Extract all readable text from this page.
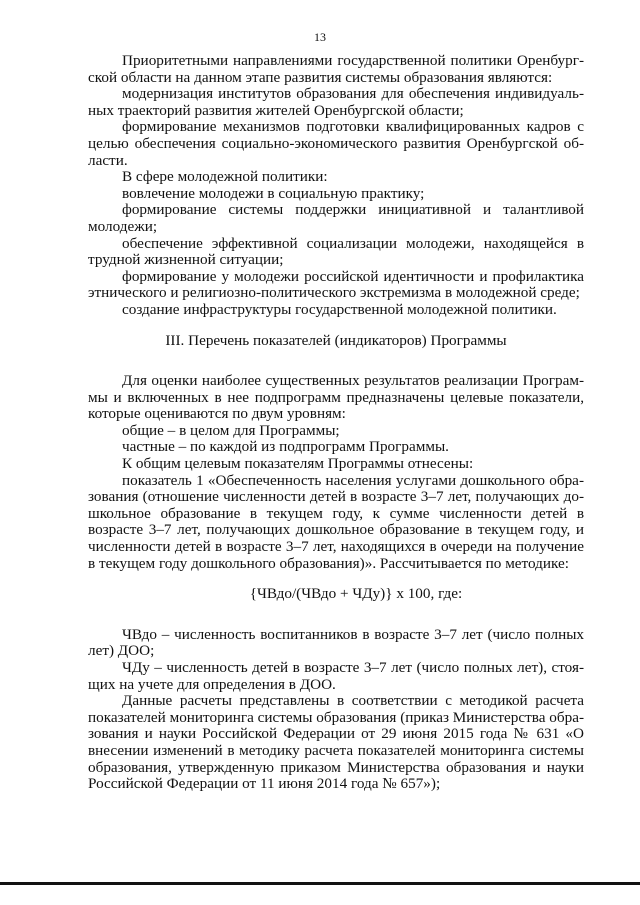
13

Приоритетными направлениями государственной политики Оренбургской области на данном этапе развития системы образования являются:

модернизация институтов образования для обеспечения индивидуальных траекторий развития жителей Оренбургской области;

формирование механизмов подготовки квалифицированных кадров с целью обеспечения социально-экономического развития Оренбургской области.

В сфере молодежной политики:

вовлечение молодежи в социальную практику;

формирование системы поддержки инициативной и талантливой молодежи;

обеспечение эффективной социализации молодежи, находящейся в трудной жизненной ситуации;

формирование у молодежи российской идентичности и профилактика этнического и религиозно-политического экстремизма в молодежной среде;

создание инфраструктуры государственной молодежной политики.

III. Перечень показателей (индикаторов) Программы

Для оценки наиболее существенных результатов реализации Программы и включенных в нее подпрограмм предназначены целевые показатели, которые оцениваются по двум уровням:

общие – в целом для Программы;

частные – по каждой из подпрограмм Программы.

К общим целевым показателям Программы отнесены:

показатель 1 «Обеспеченность населения услугами дошкольного образования (отношение численности детей в возрасте 3–7 лет, получающих дошкольное образование в текущем году, к сумме численности детей в возрасте 3–7 лет, получающих дошкольное образование в текущем году, и численности детей в возрасте 3–7 лет, находящихся в очереди на получение в текущем году дошкольного образования)». Рассчитывается по методике:

{ЧВдо/(ЧВдо + ЧДу)} х 100, где:

ЧВдо – численность воспитанников в возрасте 3–7 лет (число полных лет) ДОО;

ЧДу – численность детей в возрасте 3–7 лет (число полных лет), стоящих на учете для определения в ДОО.

Данные расчеты представлены в соответствии с методикой расчета показателей мониторинга системы образования (приказ Министерства образования и науки Российской Федерации от 29 июня 2015 года № 631 «О внесении изменений в методику расчета показателей мониторинга системы образования, утвержденную приказом Министерства образования и науки Российской Федерации от 11 июня 2014 года № 657»);
